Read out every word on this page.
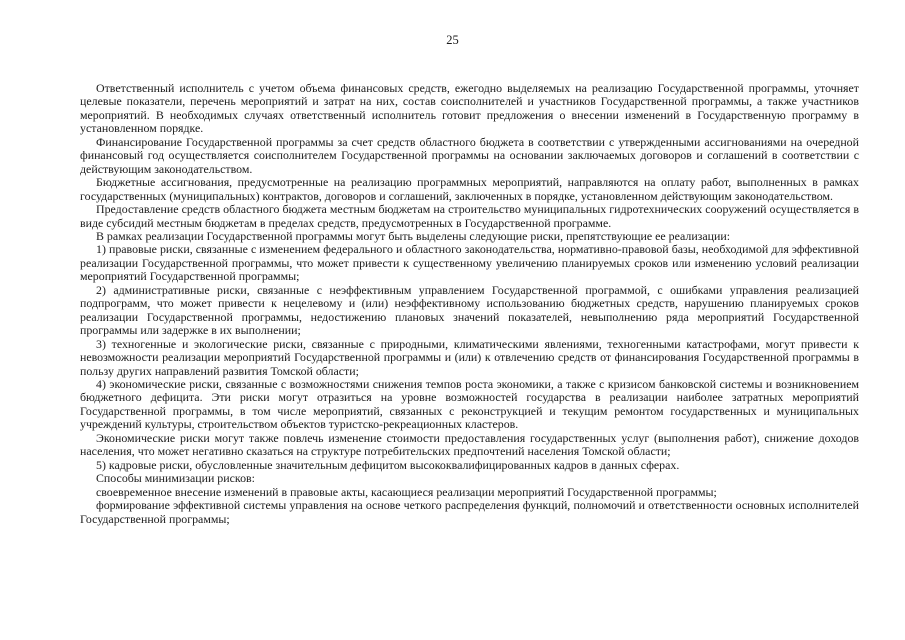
25

Ответственный исполнитель с учетом объема финансовых средств, ежегодно выделяемых на реализацию Государственной программы, уточняет целевые показатели, перечень мероприятий и затрат на них, состав соисполнителей и участников Государственной программы, а также участников мероприятий. В необходимых случаях ответственный исполнитель готовит предложения о внесении изменений в Государственную программу в установленном порядке.

Финансирование Государственной программы за счет средств областного бюджета в соответствии с утвержденными ассигнованиями на очередной финансовый год осуществляется соисполнителем Государственной программы на основании заключаемых договоров и соглашений в соответствии с действующим законодательством.

Бюджетные ассигнования, предусмотренные на реализацию программных мероприятий, направляются на оплату работ, выполненных в рамках государственных (муниципальных) контрактов, договоров и соглашений, заключенных в порядке, установленном действующим законодательством.

Предоставление средств областного бюджета местным бюджетам на строительство муниципальных гидротехнических сооружений осуществляется в виде субсидий местным бюджетам в пределах средств, предусмотренных в Государственной программе.

В рамках реализации Государственной программы могут быть выделены следующие риски, препятствующие ее реализации:

1) правовые риски, связанные с изменением федерального и областного законодательства, нормативно-правовой базы, необходимой для эффективной реализации Государственной программы, что может привести к существенному увеличению планируемых сроков или изменению условий реализации мероприятий Государственной программы;

2) административные риски, связанные с неэффективным управлением Государственной программой, с ошибками управления реализацией подпрограмм, что может привести к нецелевому и (или) неэффективному использованию бюджетных средств, нарушению планируемых сроков реализации Государственной программы, недостижению плановых значений показателей, невыполнению ряда мероприятий Государственной программы или задержке в их выполнении;

3) техногенные и экологические риски, связанные с природными, климатическими явлениями, техногенными катастрофами, могут привести к невозможности реализации мероприятий Государственной программы и (или) к отвлечению средств от финансирования Государственной программы в пользу других направлений развития Томской области;

4) экономические риски, связанные с возможностями снижения темпов роста экономики, а также с кризисом банковской системы и возникновением бюджетного дефицита. Эти риски могут отразиться на уровне возможностей государства в реализации наиболее затратных мероприятий Государственной программы, в том числе мероприятий, связанных с реконструкцией и текущим ремонтом государственных и муниципальных учреждений культуры, строительством объектов туристско-рекреационных кластеров.

Экономические риски могут также повлечь изменение стоимости предоставления государственных услуг (выполнения работ), снижение доходов населения, что может негативно сказаться на структуре потребительских предпочтений населения Томской области;

5) кадровые риски, обусловленные значительным дефицитом высококвалифицированных кадров в данных сферах.

Способы минимизации рисков:

своевременное внесение изменений в правовые акты, касающиеся реализации мероприятий Государственной программы;

формирование эффективной системы управления на основе четкого распределения функций, полномочий и ответственности основных исполнителей Государственной программы;
